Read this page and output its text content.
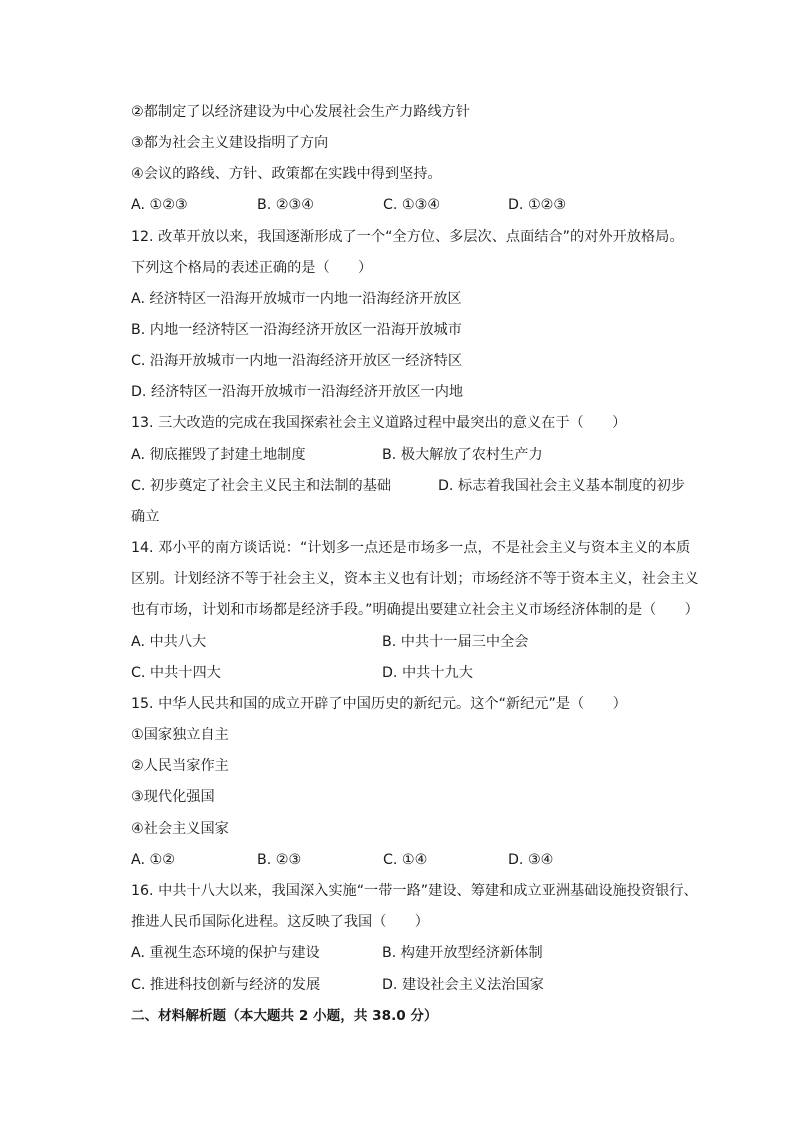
②都制定了以经济建设为中心发展社会生产力路线方针
③都为社会主义建设指明了方向
④会议的路线、方针、政策都在实践中得到坚持。
A. ①②③	B. ②③④	C. ①③④	D. ①②③
12. 改革开放以来，我国逐渐形成了一个“全方位、多层次、点面结合”的对外开放格局。
下列这个格局的表述正确的是（　　）
A. 经济特区一沿海开放城市一内地一沿海经济开放区
B. 内地一经济特区一沿海经济开放区一沿海开放城市
C. 沿海开放城市一内地一沿海经济开放区一经济特区
D. 经济特区一沿海开放城市一沿海经济开放区一内地
13. 三大改造的完成在我国探索社会主义道路过程中最突出的意义在于（　　）
A. 彻底摧毁了封建土地制度	B. 极大解放了农村生产力
C. 初步奠定了社会主义民主和法制的基础	D. 标志着我国社会主义基本制度的初步
确立
14. 邓小平的南方谈话说：“计划多一点还是市场多一点，不是社会主义与资本主义的本质
区别。计划经济不等于社会主义，资本主义也有计划；市场经济不等于资本主义，社会主义
也有市场，计划和市场都是经济手段。”明确提出要建立社会主义市场经济体制的是（　　）
A. 中共八大	B. 中共十一届三中全会
C. 中共十四大	D. 中共十九大
15. 中华人民共和国的成立开辟了中国历史的新纪元。这个“新纪元”是（　　）
①国家独立自主
②人民当家作主
③现代化强国
④社会主义国家
A. ①②	B. ②③	C. ①④	D. ③④
16. 中共十八大以来，我国深入实施“一带一路”建设、筹建和成立亚洲基础设施投资银行、
推进人民币国际化进程。这反映了我国（　　）
A. 重视生态环境的保护与建设	B. 构建开放型经济新体制
C. 推进科技创新与经济的发展	D. 建设社会主义法治国家
二、材料解析题（本大题共 2 小题，共 38.0 分）
